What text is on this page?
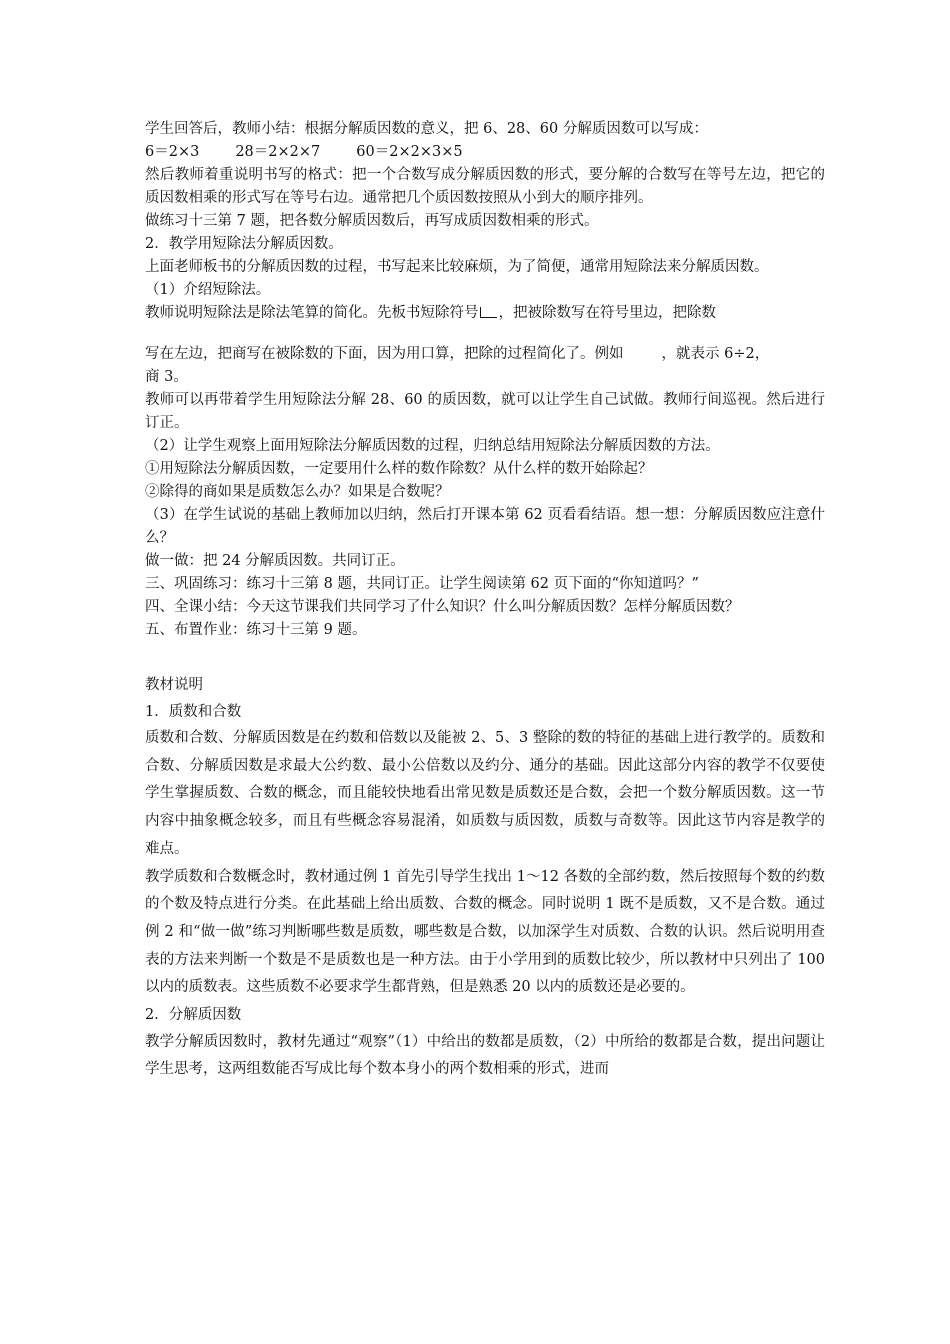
学生回答后，教师小结：根据分解质因数的意义，把 6、28、60 分解质因数可以写成：
6＝2×3 28＝2×2×7 60＝2×2×3×5
然后教师着重说明书写的格式：把一个合数写成分解质因数的形式，要分解的合数写在等号左边，把它的质因数相乘的形式写在等号右边。通常把几个质因数按照从小到大的顺序排列。
做练习十三第 7 题，把各数分解质因数后，再写成质因数相乘的形式。
2．教学用短除法分解质因数。
上面老师板书的分解质因数的过程，书写起来比较麻烦，为了简便，通常用短除法来分解质因数。
（1）介绍短除法。
教师说明短除法是除法笔算的简化。先板书短除符号 ，把被除数写在符号里边，把除数
写在左边，把商写在被除数的下面，因为用口算，把除的过程简化了。例如	，就表示 6÷2，
商 3。
教师可以再带着学生用短除法分解 28、60 的质因数，就可以让学生自己试做。教师行间巡视。然后进行订正。
（2）让学生观察上面用短除法分解质因数的过程，归纳总结用短除法分解质因数的方法。
①用短除法分解质因数，一定要用什么样的数作除数？从什么样的数开始除起？
②除得的商如果是质数怎么办？如果是合数呢？
（3）在学生试说的基础上教师加以归纳，然后打开课本第 62 页看看结语。想一想：分解质因数应注意什么？
做一做：把 24 分解质因数。共同订正。
三、巩固练习：练习十三第 8 题，共同订正。让学生阅读第 62 页下面的“你知道吗？”
四、全课小结：今天这节课我们共同学习了什么知识？什么叫分解质因数？怎样分解质因数？
五、布置作业：练习十三第 9 题。
教材说明
1．质数和合数
质数和合数、分解质因数是在约数和倍数以及能被 2、5、3 整除的数的特征的基础上进行教学的。质数和合数、分解质因数是求最大公约数、最小公倍数以及约分、通分的基础。因此这部分内容的教学不仅要使学生掌握质数、合数的概念，而且能较快地看出常见数是质数还是合数，会把一个数分解质因数。这一节内容中抽象概念较多，而且有些概念容易混淆，如质数与质因数，质数与奇数等。因此这节内容是教学的难点。
教学质数和合数概念时，教材通过例 1 首先引导学生找出 1～12 各数的全部约数，然后按照每个数的约数的个数及特点进行分类。在此基础上给出质数、合数的概念。同时说明 1 既不是质数，又不是合数。通过例 2 和“做一做”练习判断哪些数是质数，哪些数是合数，以加深学生对质数、合数的认识。然后说明用查表的方法来判断一个数是不是质数也是一种方法。由于小学用到的质数比较少，所以教材中只列出了 100 以内的质数表。这些质数不必要求学生都背熟，但是熟悉 20 以内的质数还是必要的。
2．分解质因数
教学分解质因数时，教材先通过“观察”（1）中给出的数都是质数，（2）中所给的数都是合数，提出问题让学生思考，这两组数能否写成比每个数本身小的两个数相乘的形式，进而
